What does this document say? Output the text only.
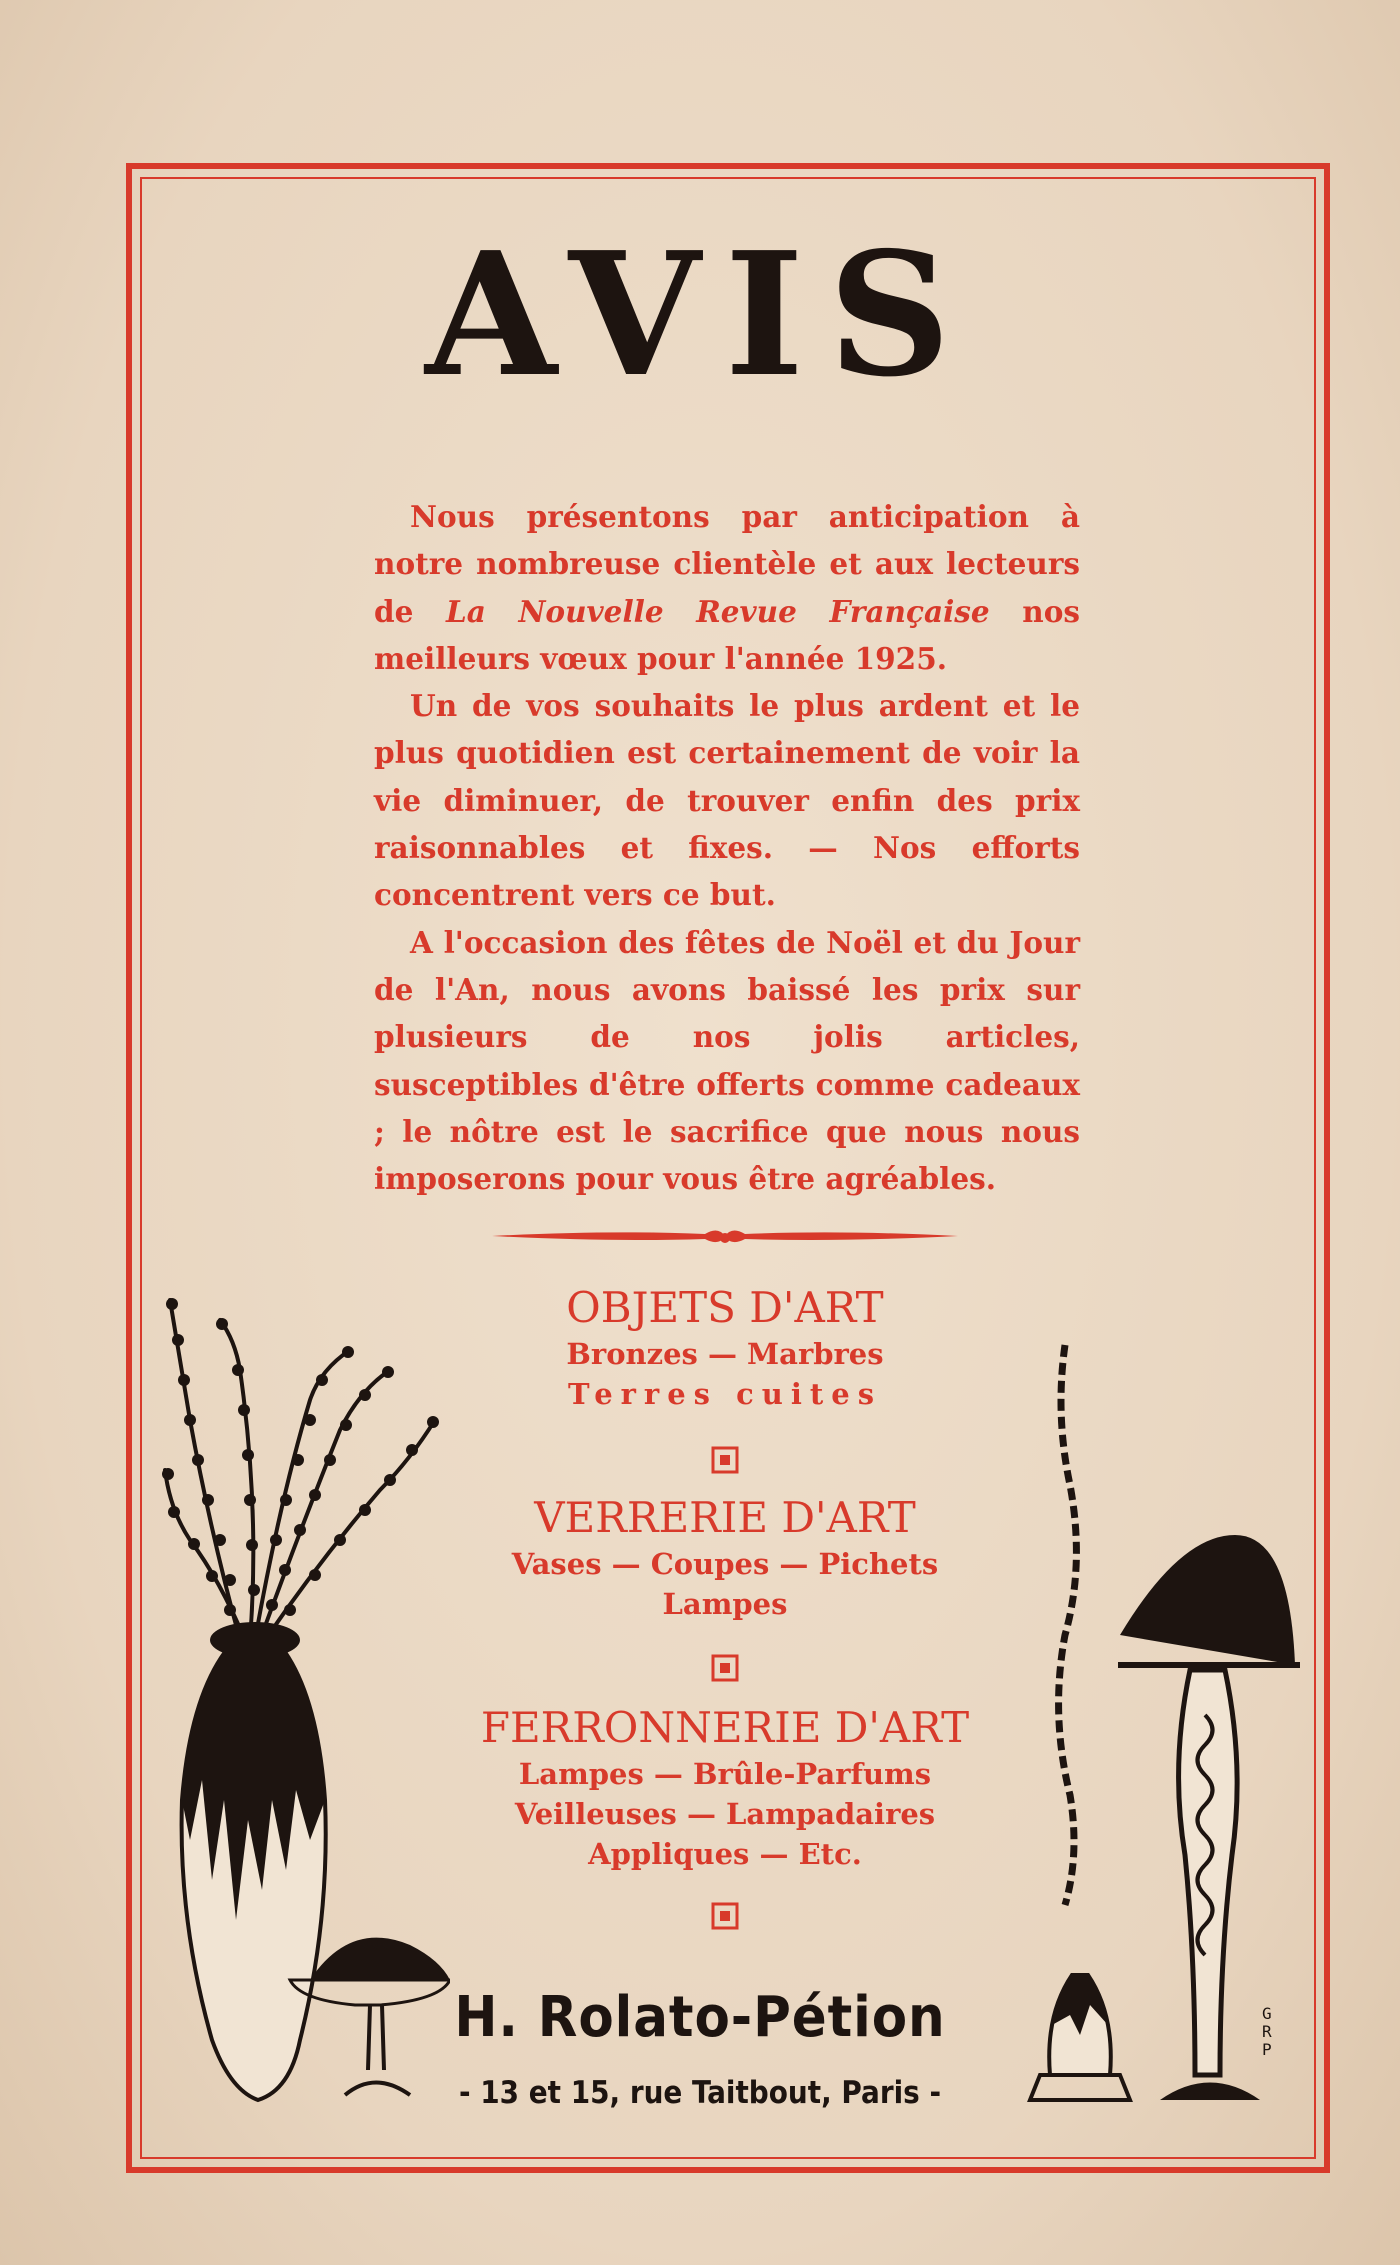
AVIS

Nous présentons par anticipation à notre nombreuse clientèle et aux lecteurs de La Nouvelle Revue Française nos meilleurs vœux pour l'année 1925.

Un de vos souhaits le plus ardent et le plus quotidien est certainement de voir la vie diminuer, de trouver enfin des prix raisonnables et fixes. — Nos efforts concentrent vers ce but.

A l'occasion des fêtes de Noël et du Jour de l'An, nous avons baissé les prix sur plusieurs de nos jolis articles, susceptibles d'être offerts comme cadeaux ; le nôtre est le sacrifice que nous nous imposerons pour vous être agréables.

OBJETS D'ART
Bronzes — Marbres
Terres cuites
VERRERIE D'ART
Vases — Coupes — Pichets
Lampes
FERRONNERIE D'ART
Lampes — Brûle-Parfums
Veilleuses — Lampadaires
Appliques — Etc.
H. Rolato-Pétion
- 13 et 15, rue Taitbout, Paris -
G R P
